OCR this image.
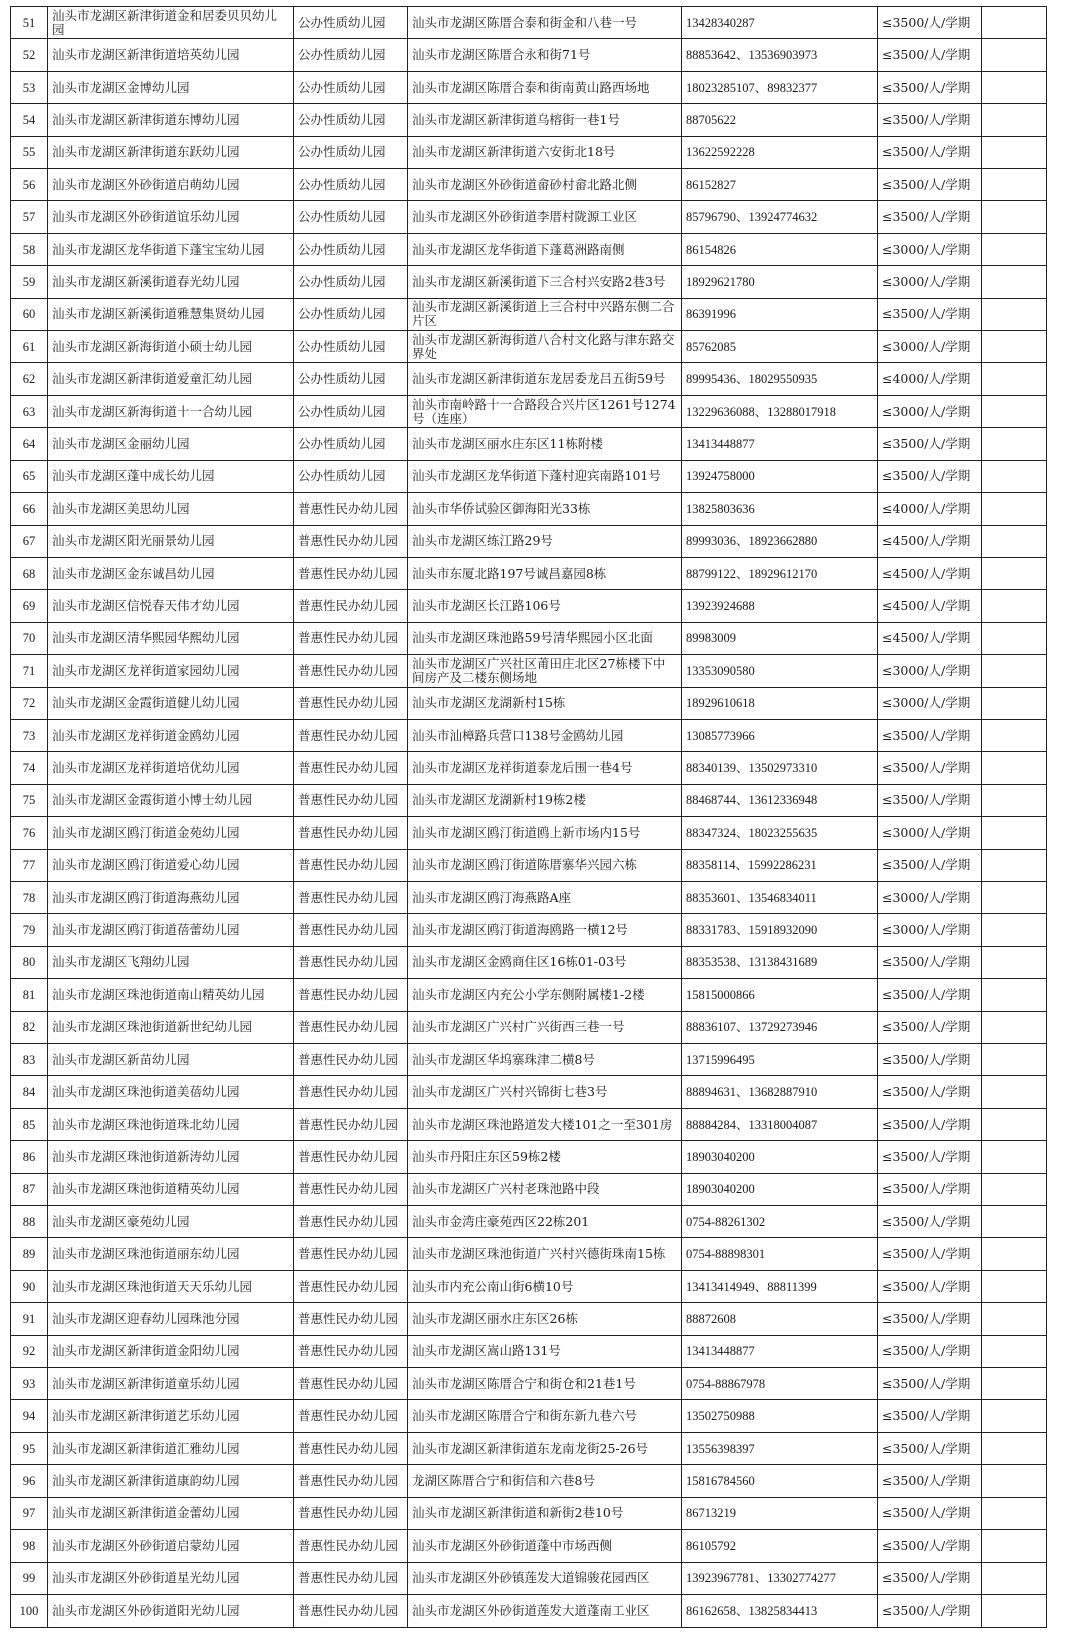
51	汕头市龙湖区新津街道金和居委贝贝幼儿园	公办性质幼儿园	汕头市龙湖区陈厝合泰和街金和八巷一号	13428340287	≤3500/人/学期	
52	汕头市龙湖区新津街道培英幼儿园	公办性质幼儿园	汕头市龙湖区陈厝合永和街71号	88853642、13536903973	≤3500/人/学期	
53	汕头市龙湖区金博幼儿园	公办性质幼儿园	汕头市龙湖区陈厝合泰和街南黄山路西场地	18023285107、89832377	≤3500/人/学期	
54	汕头市龙湖区新津街道东博幼儿园	公办性质幼儿园	汕头市龙湖区新津街道乌榕街一巷1号	88705622	≤3500/人/学期	
55	汕头市龙湖区新津街道东跃幼儿园	公办性质幼儿园	汕头市龙湖区新津街道六安街北18号	13622592228	≤3500/人/学期	
56	汕头市龙湖区外砂街道启萌幼儿园	公办性质幼儿园	汕头市龙湖区外砂街道畲砂村畲北路北侧	86152827	≤3500/人/学期	
57	汕头市龙湖区外砂街道谊乐幼儿园	公办性质幼儿园	汕头市龙湖区外砂街道李厝村陇源工业区	85796790、13924774632	≤3500/人/学期	
58	汕头市龙湖区龙华街道下蓬宝宝幼儿园	公办性质幼儿园	汕头市龙湖区龙华街道下蓬葛洲路南侧	86154826	≤3000/人/学期	
59	汕头市龙湖区新溪街道春光幼儿园	公办性质幼儿园	汕头市龙湖区新溪街道下三合村兴安路2巷3号	18929621780	≤3000/人/学期	
60	汕头市龙湖区新溪街道雅慧集贤幼儿园	公办性质幼儿园	汕头市龙湖区新溪街道上三合村中兴路东侧二合片区	86391996	≤3500/人/学期	
61	汕头市龙湖区新海街道小硕士幼儿园	公办性质幼儿园	汕头市龙湖区新海街道八合村文化路与津东路交界处	85762085	≤3000/人/学期	
62	汕头市龙湖区新津街道爱童汇幼儿园	公办性质幼儿园	汕头市龙湖区新津街道东龙居委龙吕五街59号	89995436、18029550935	≤4000/人/学期	
63	汕头市龙湖区新海街道十一合幼儿园	公办性质幼儿园	汕头市南岭路十一合路段合兴片区1261号1274号（连座）	13229636088、13288017918	≤3000/人/学期	
64	汕头市龙湖区金丽幼儿园	公办性质幼儿园	汕头市龙湖区丽水庄东区11栋附楼	13413448877	≤3500/人/学期	
65	汕头市龙湖区蓬中成长幼儿园	公办性质幼儿园	汕头市龙湖区龙华街道下蓬村迎宾南路101号	13924758000	≤3500/人/学期	
66	汕头市龙湖区美思幼儿园	普惠性民办幼儿园	汕头市华侨试验区御海阳光33栋	13825803636	≤4000/人/学期	
67	汕头市龙湖区阳光丽景幼儿园	普惠性民办幼儿园	汕头市龙湖区练江路29号	89993036、18923662880	≤4500/人/学期	
68	汕头市龙湖区金东诚昌幼儿园	普惠性民办幼儿园	汕头市东厦北路197号诚昌嘉园8栋	88799122、18929612170	≤4500/人/学期	
69	汕头市龙湖区信悦春天伟才幼儿园	普惠性民办幼儿园	汕头市龙湖区长江路106号	13923924688	≤4500/人/学期	
70	汕头市龙湖区清华熙园华熙幼儿园	普惠性民办幼儿园	汕头市龙湖区珠池路59号清华熙园小区北面	89983009	≤4500/人/学期	
71	汕头市龙湖区龙祥街道家园幼儿园	普惠性民办幼儿园	汕头市龙湖区广兴社区莆田庄北区27栋楼下中间房产及二楼东侧场地	13353090580	≤3000/人/学期	
72	汕头市龙湖区金霞街道健儿幼儿园	普惠性民办幼儿园	汕头市龙湖区龙湖新村15栋	18929610618	≤3000/人/学期	
73	汕头市龙湖区龙祥街道金鸥幼儿园	普惠性民办幼儿园	汕头市汕樟路兵营口138号金鸥幼儿园	13085773966	≤3500/人/学期	
74	汕头市龙湖区龙祥街道培优幼儿园	普惠性民办幼儿园	汕头市龙湖区龙祥街道泰龙后围一巷4号	88340139、13502973310	≤3500/人/学期	
75	汕头市龙湖区金霞街道小博士幼儿园	普惠性民办幼儿园	汕头市龙湖区龙湖新村19栋2楼	88468744、13612336948	≤3500/人/学期	
76	汕头市龙湖区鸥汀街道金苑幼儿园	普惠性民办幼儿园	汕头市龙湖区鸥汀街道鸥上新市场内15号	88347324、18023255635	≤3000/人/学期	
77	汕头市龙湖区鸥汀街道爱心幼儿园	普惠性民办幼儿园	汕头市龙湖区鸥汀街道陈厝寨华兴园六栋	88358114、15992286231	≤3500/人/学期	
78	汕头市龙湖区鸥汀街道海燕幼儿园	普惠性民办幼儿园	汕头市龙湖区鸥汀海燕路A座	88353601、13546834011	≤3000/人/学期	
79	汕头市龙湖区鸥汀街道蓓蕾幼儿园	普惠性民办幼儿园	汕头市龙湖区鸥汀街道海鸥路一横12号	88331783、15918932090	≤3000/人/学期	
80	汕头市龙湖区飞翔幼儿园	普惠性民办幼儿园	汕头市龙湖区金鸥商住区16栋01-03号	88353538、13138431689	≤3500/人/学期	
81	汕头市龙湖区珠池街道南山精英幼儿园	普惠性民办幼儿园	汕头市龙湖区内充公小学东侧附属楼1-2楼	15815000866	≤3500/人/学期	
82	汕头市龙湖区珠池街道新世纪幼儿园	普惠性民办幼儿园	汕头市龙湖区广兴村广兴街西三巷一号	88836107、13729273946	≤3500/人/学期	
83	汕头市龙湖区新苗幼儿园	普惠性民办幼儿园	汕头市龙湖区华坞寨珠津二横8号	13715996495	≤3500/人/学期	
84	汕头市龙湖区珠池街道美蓓幼儿园	普惠性民办幼儿园	汕头市龙湖区广兴村兴锦街七巷3号	88894631、13682887910	≤3500/人/学期	
85	汕头市龙湖区珠池街道珠北幼儿园	普惠性民办幼儿园	汕头市龙湖区珠池路道发大楼101之一至301房	88884284、13318004087	≤3500/人/学期	
86	汕头市龙湖区珠池街道新涛幼儿园	普惠性民办幼儿园	汕头市丹阳庄东区59栋2楼	18903040200	≤3500/人/学期	
87	汕头市龙湖区珠池街道精英幼儿园	普惠性民办幼儿园	汕头市龙湖区广兴村老珠池路中段	18903040200	≤3500/人/学期	
88	汕头市龙湖区豪苑幼儿园	普惠性民办幼儿园	汕头市金湾庄豪苑西区22栋201	0754-88261302	≤3500/人/学期	
89	汕头市龙湖区珠池街道丽东幼儿园	普惠性民办幼儿园	汕头市龙湖区珠池街道广兴村兴德街珠南15栋	0754-88898301	≤3500/人/学期	
90	汕头市龙湖区珠池街道天天乐幼儿园	普惠性民办幼儿园	汕头市内充公南山街6横10号	13413414949、88811399	≤3500/人/学期	
91	汕头市龙湖区迎春幼儿园珠池分园	普惠性民办幼儿园	汕头市龙湖区丽水庄东区26栋	88872608	≤3500/人/学期	
92	汕头市龙湖区新津街道金阳幼儿园	普惠性民办幼儿园	汕头市龙湖区嵩山路131号	13413448877	≤3500/人/学期	
93	汕头市龙湖区新津街道童乐幼儿园	普惠性民办幼儿园	汕头市龙湖区陈厝合宁和街仓和21巷1号	0754-88867978	≤3500/人/学期	
94	汕头市龙湖区新津街道艺乐幼儿园	普惠性民办幼儿园	汕头市龙湖区陈厝合宁和街东新九巷六号	13502750988	≤3500/人/学期	
95	汕头市龙湖区新津街道汇雅幼儿园	普惠性民办幼儿园	汕头市龙湖区新津街道东龙南龙街25-26号	13556398397	≤3500/人/学期	
96	汕头市龙湖区新津街道康韵幼儿园	普惠性民办幼儿园	龙湖区陈厝合宁和街信和六巷8号	15816784560	≤3500/人/学期	
97	汕头市龙湖区新津街道金蕾幼儿园	普惠性民办幼儿园	汕头市龙湖区新津街道和新街2巷10号	86713219	≤3500/人/学期	
98	汕头市龙湖区外砂街道启蒙幼儿园	普惠性民办幼儿园	汕头市龙湖区外砂街道蓬中市场西侧	86105792	≤3500/人/学期	
99	汕头市龙湖区外砂街道星光幼儿园	普惠性民办幼儿园	汕头市龙湖区外砂镇莲发大道锦骏花园西区	13923967781、13302774277	≤3500/人/学期	
100	汕头市龙湖区外砂街道阳光幼儿园	普惠性民办幼儿园	汕头市龙湖区外砂街道莲发大道蓬南工业区	86162658、13825834413	≤3500/人/学期	
